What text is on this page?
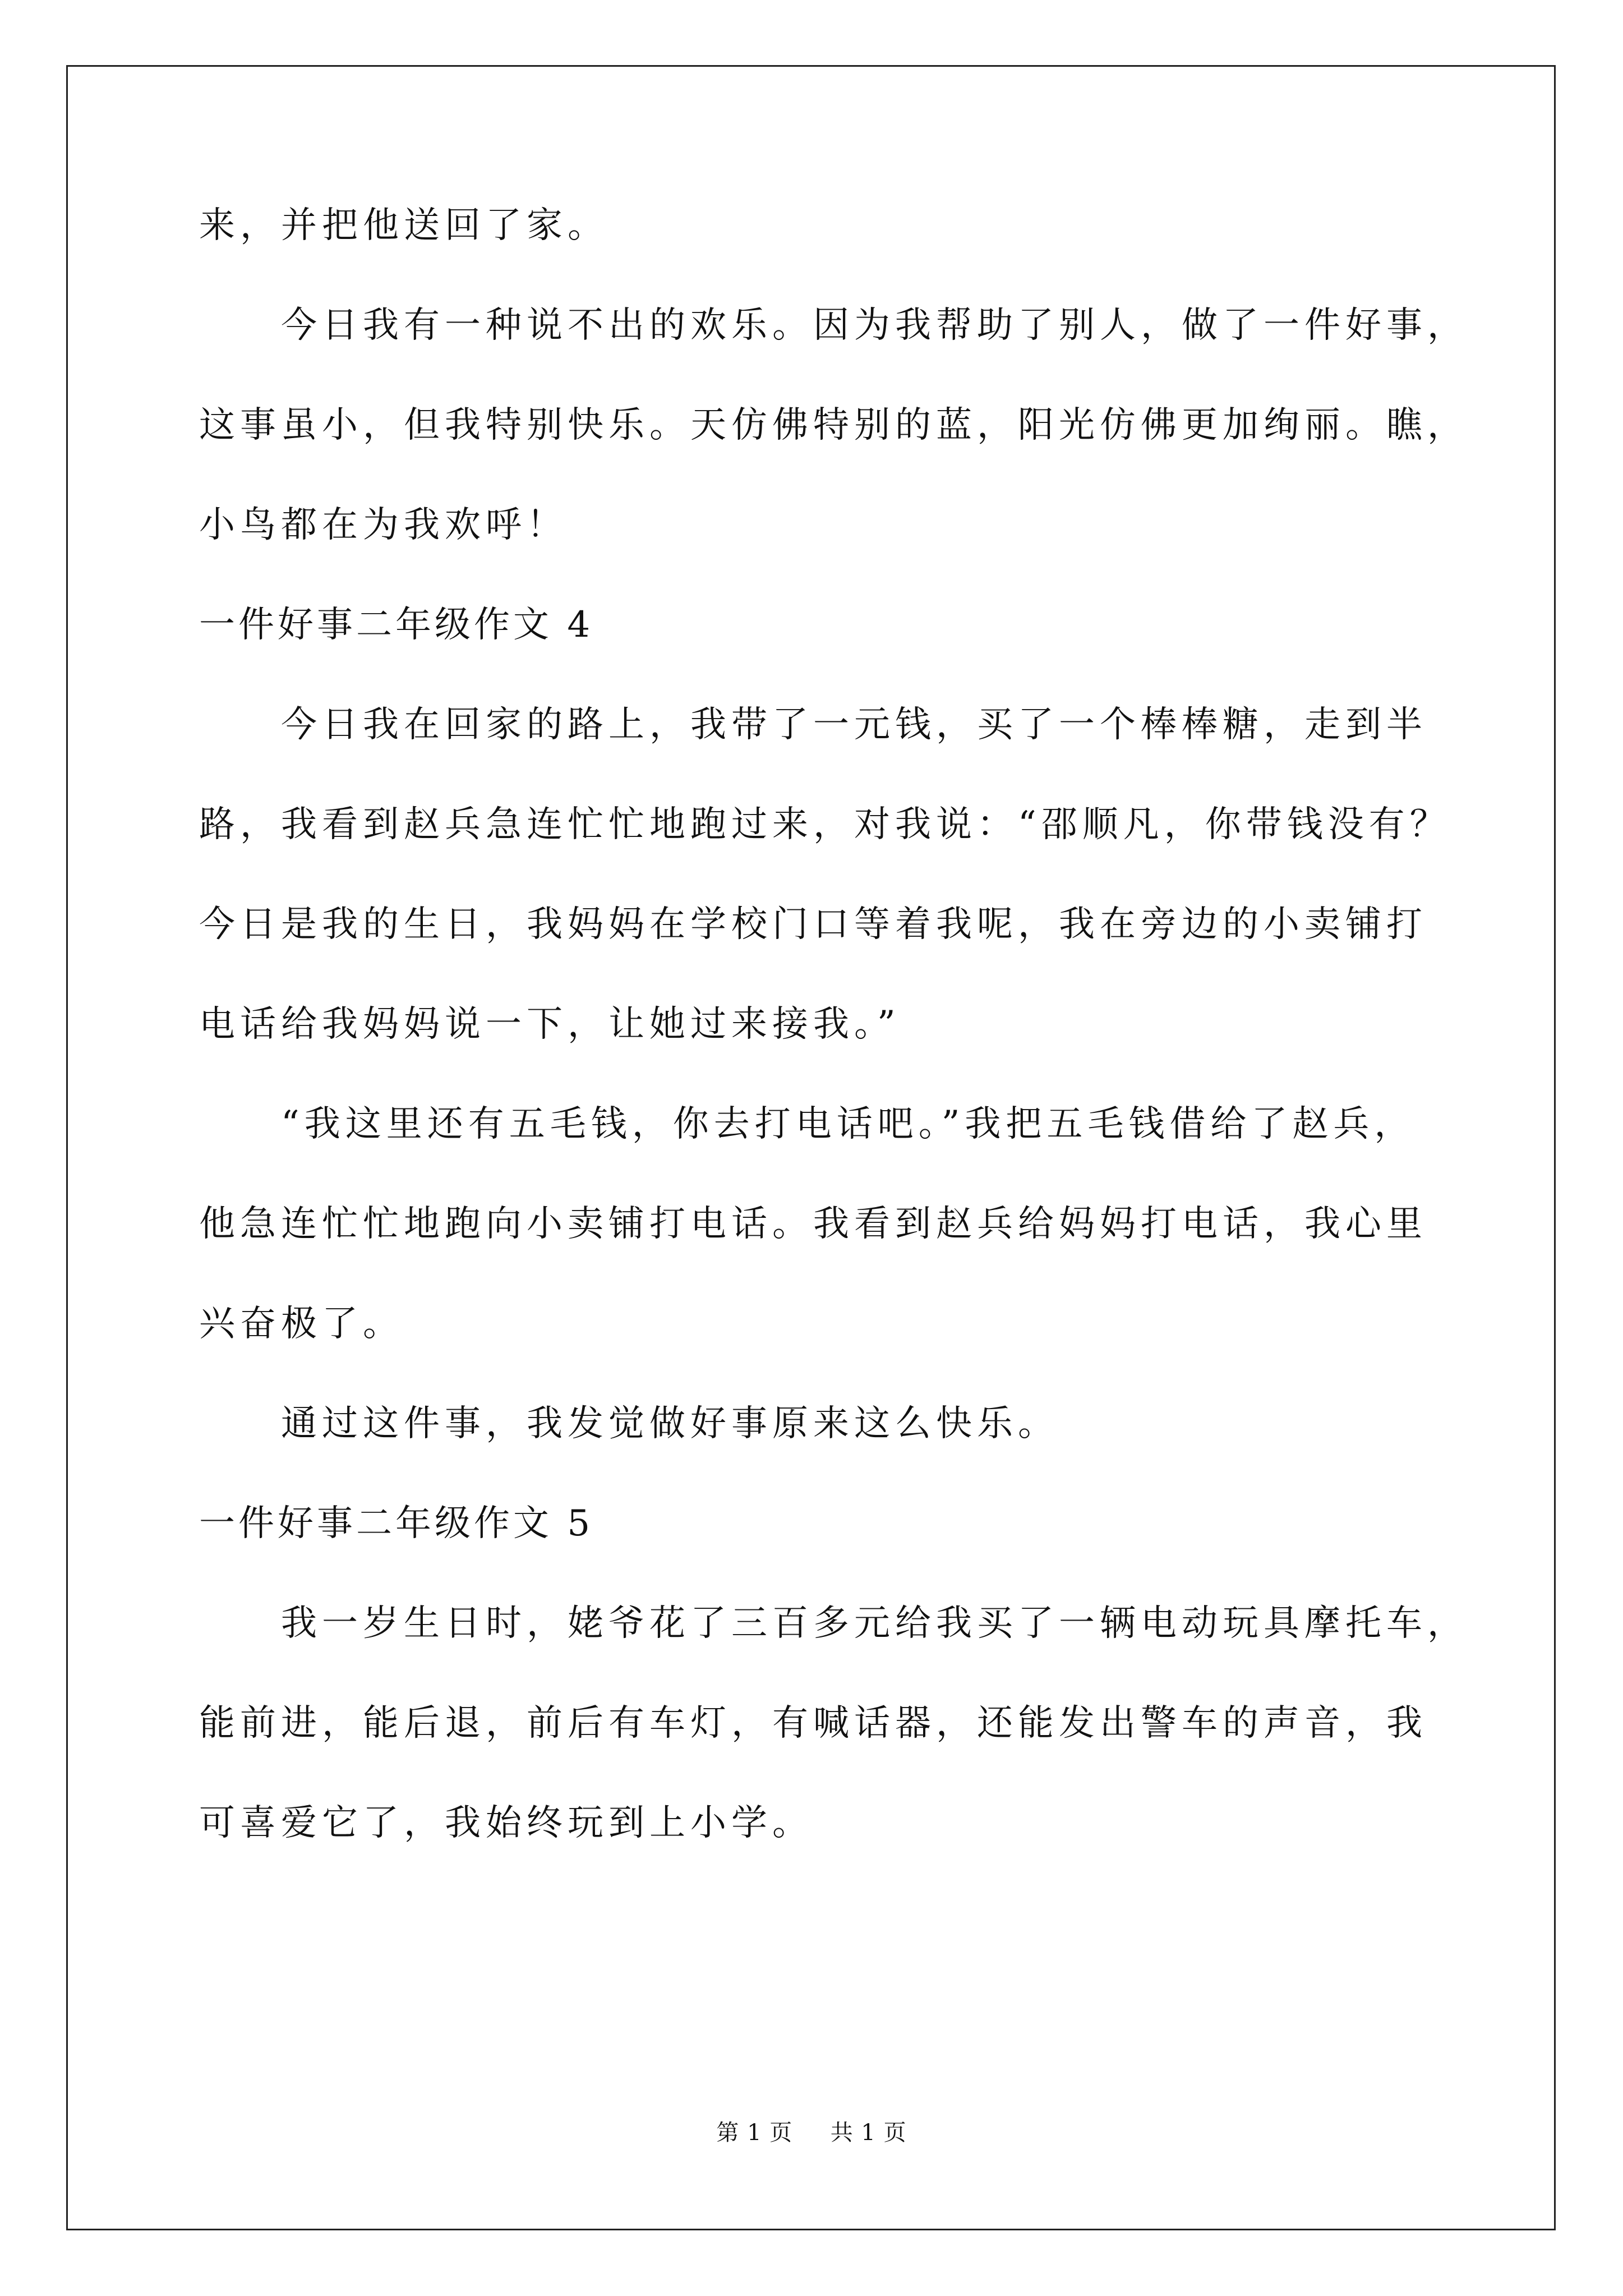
来，并把他送回了家。
今日我有一种说不出的欢乐。因为我帮助了别人，做了一件好事，
这事虽小，但我特别快乐。天仿佛特别的蓝，阳光仿佛更加绚丽。瞧，
小鸟都在为我欢呼！
一件好事二年级作文 4
今日我在回家的路上，我带了一元钱，买了一个棒棒糖，走到半
路，我看到赵兵急连忙忙地跑过来，对我说：“邵顺凡，你带钱没有？
今日是我的生日，我妈妈在学校门口等着我呢，我在旁边的小卖铺打
电话给我妈妈说一下，让她过来接我。”
“我这里还有五毛钱，你去打电话吧。”我把五毛钱借给了赵兵，
他急连忙忙地跑向小卖铺打电话。我看到赵兵给妈妈打电话，我心里
兴奋极了。
通过这件事，我发觉做好事原来这么快乐。
一件好事二年级作文 5
我一岁生日时，姥爷花了三百多元给我买了一辆电动玩具摩托车，
能前进，能后退，前后有车灯，有喊话器，还能发出警车的声音，我
可喜爱它了，我始终玩到上小学。
第 1 页 共 1 页
